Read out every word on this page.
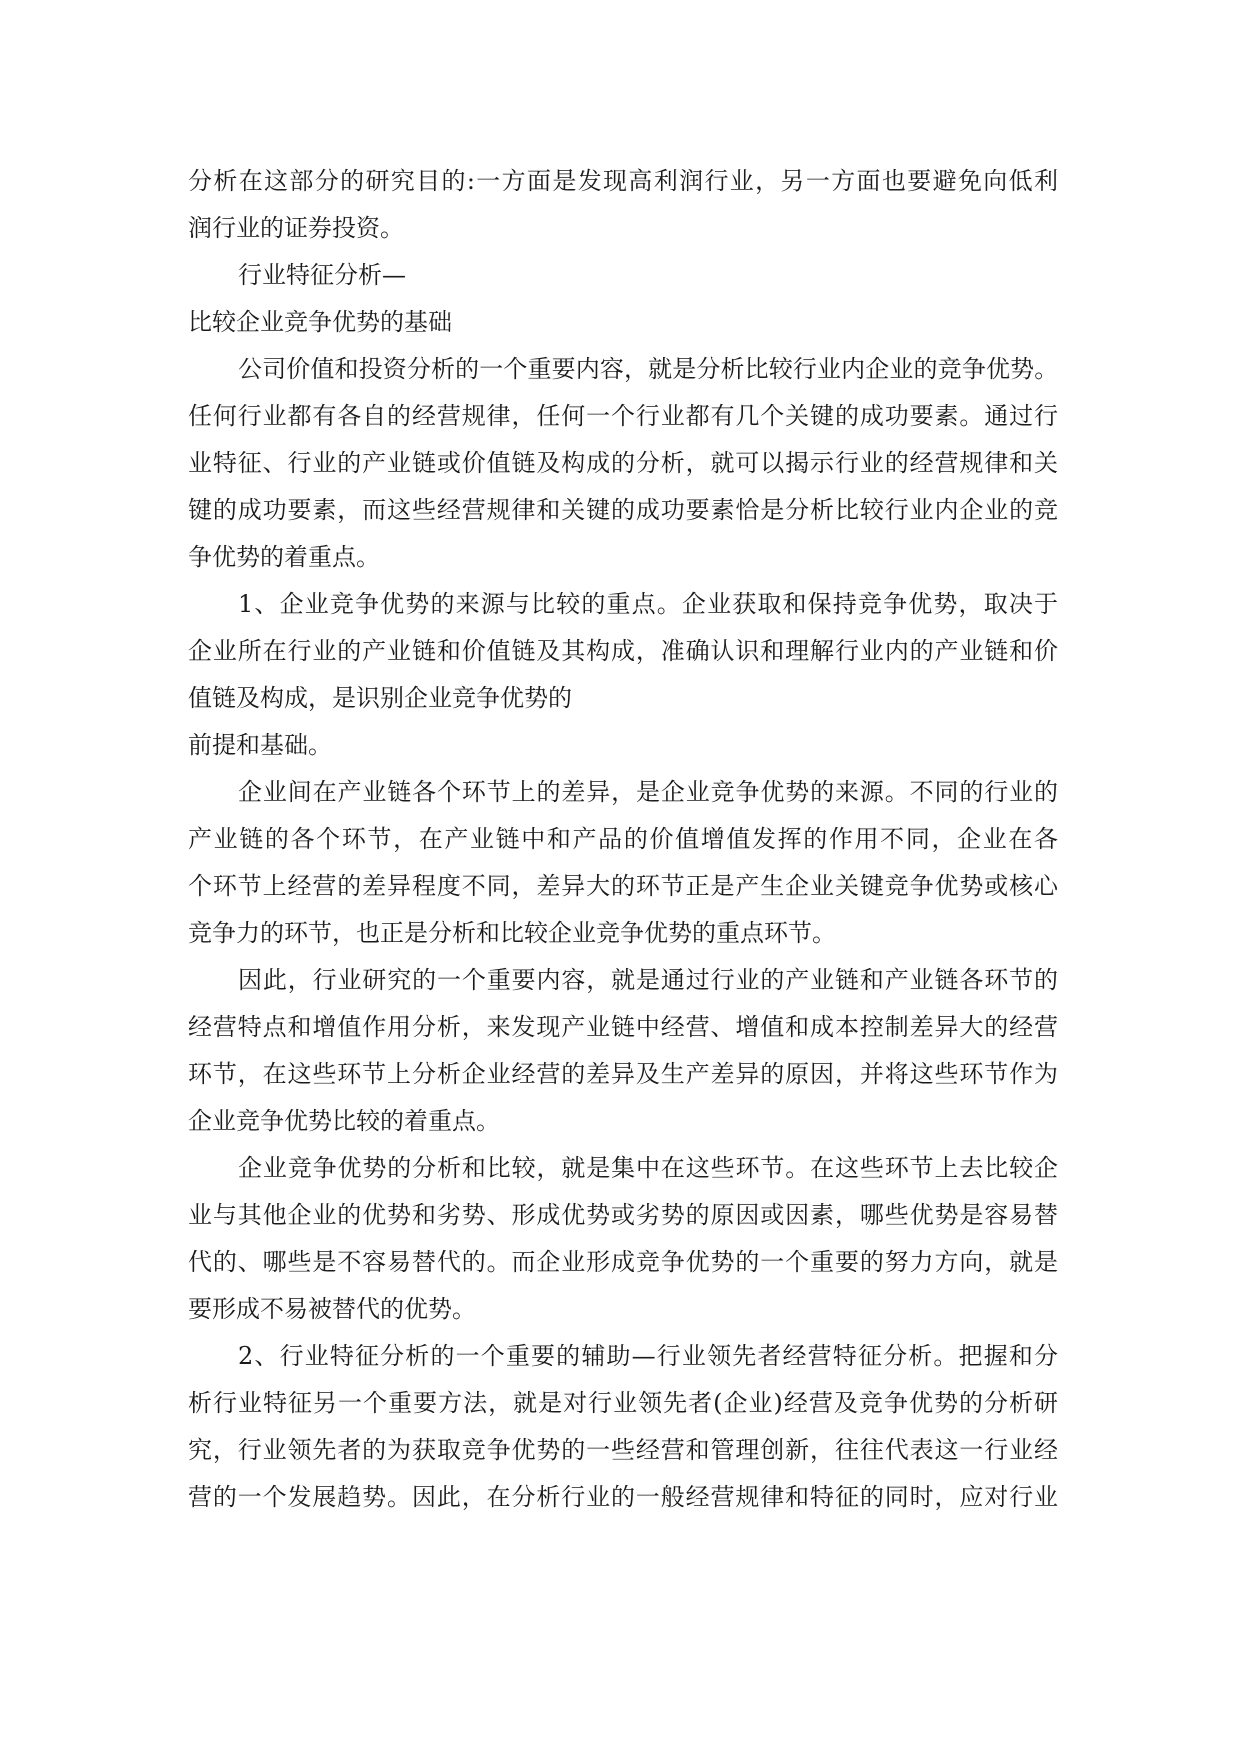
分析在这部分的研究目的:一方面是发现高利润行业，另一方面也要避免向低利
润行业的证券投资。
行业特征分析—
比较企业竞争优势的基础
公司价值和投资分析的一个重要内容，就是分析比较行业内企业的竞争优势。
任何行业都有各自的经营规律，任何一个行业都有几个关键的成功要素。通过行
业特征、行业的产业链或价值链及构成的分析，就可以揭示行业的经营规律和关
键的成功要素，而这些经营规律和关键的成功要素恰是分析比较行业内企业的竞
争优势的着重点。
1、企业竞争优势的来源与比较的重点。企业获取和保持竞争优势，取决于
企业所在行业的产业链和价值链及其构成，准确认识和理解行业内的产业链和价
值链及构成，是识别企业竞争优势的
前提和基础。
企业间在产业链各个环节上的差异，是企业竞争优势的来源。不同的行业的
产业链的各个环节，在产业链中和产品的价值增值发挥的作用不同，企业在各
个环节上经营的差异程度不同，差异大的环节正是产生企业关键竞争优势或核心
竞争力的环节，也正是分析和比较企业竞争优势的重点环节。
因此，行业研究的一个重要内容，就是通过行业的产业链和产业链各环节的
经营特点和增值作用分析，来发现产业链中经营、增值和成本控制差异大的经营
环节，在这些环节上分析企业经营的差异及生产差异的原因，并将这些环节作为
企业竞争优势比较的着重点。
企业竞争优势的分析和比较，就是集中在这些环节。在这些环节上去比较企
业与其他企业的优势和劣势、形成优势或劣势的原因或因素，哪些优势是容易替
代的、哪些是不容易替代的。而企业形成竞争优势的一个重要的努力方向，就是
要形成不易被替代的优势。
2、行业特征分析的一个重要的辅助—行业领先者经营特征分析。把握和分
析行业特征另一个重要方法，就是对行业领先者(企业)经营及竞争优势的分析研
究，行业领先者的为获取竞争优势的一些经营和管理创新，往往代表这一行业经
营的一个发展趋势。因此，在分析行业的一般经营规律和特征的同时，应对行业
